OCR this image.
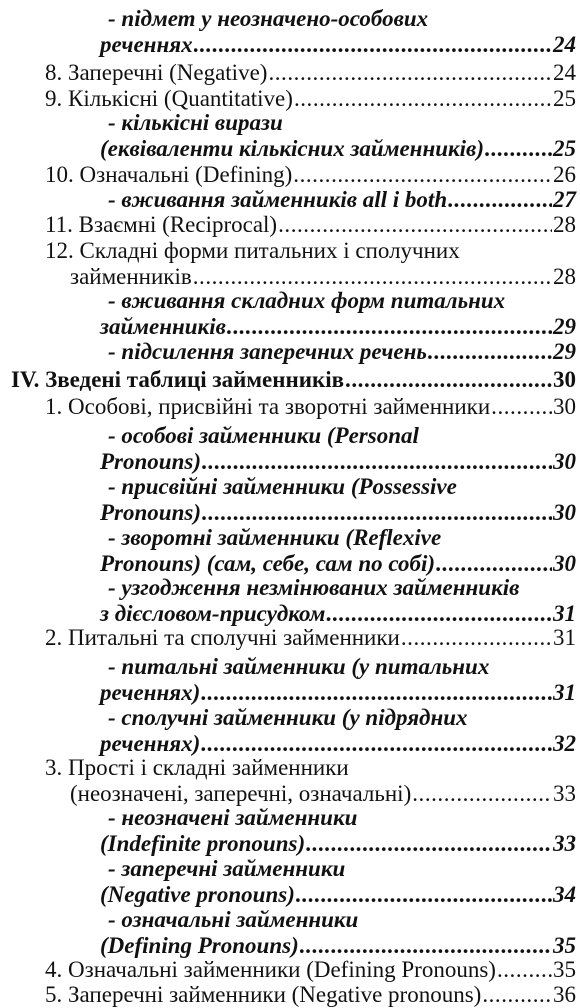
- підмет у неозначено-особових
реченнях . . .	24
8. Заперечні (Negative) . . .	24
9. Кількісні (Quantitative) . . .	25
- кількісні вирази
(еквіваленти кількісних займенників) . . .	25
10. Означальні (Defining) . . .	26
- вживання займенників all і both . . .	27
11. Взаємні (Reciprocal) . . .	28
12. Складні форми питальних і сполучних
займенників . . .	28
- вживання складних форм питальних
займенників . . .	29
- підсилення заперечних речень . . .	29
IV. Зведені таблиці займенників . . .	30
1. Особові, присвійні та зворотні займенники . . .	30
- особові займенники (Personal
Pronouns) . . .	30
- присвійні займенники (Possessive
Pronouns) . . .	30
- зворотні займенники (Reflexive
Pronouns) (сам, себе, сам по собі) . . .	30
- узгодження незмінюваних займенників
з дієсловом-присудком . . .	31
2. Питальні та сполучні займенники . . .	31
- питальні займенники (у питальних
реченнях) . . .	31
- сполучні займенники (у підрядних
реченнях) . . .	32
3. Прості і складні займенники
(неозначені, заперечні, означальні) . . .	33
- неозначені займенники
(Indefinite pronouns) . . .	33
- заперечні займенники
(Negative pronouns) . . .	34
- означальні займенники
(Defining Pronouns) . . .	35
4. Означальні займенники (Defining Pronouns) . . . 35
5. Заперечні займенники (Negative pronouns) . . .	36
